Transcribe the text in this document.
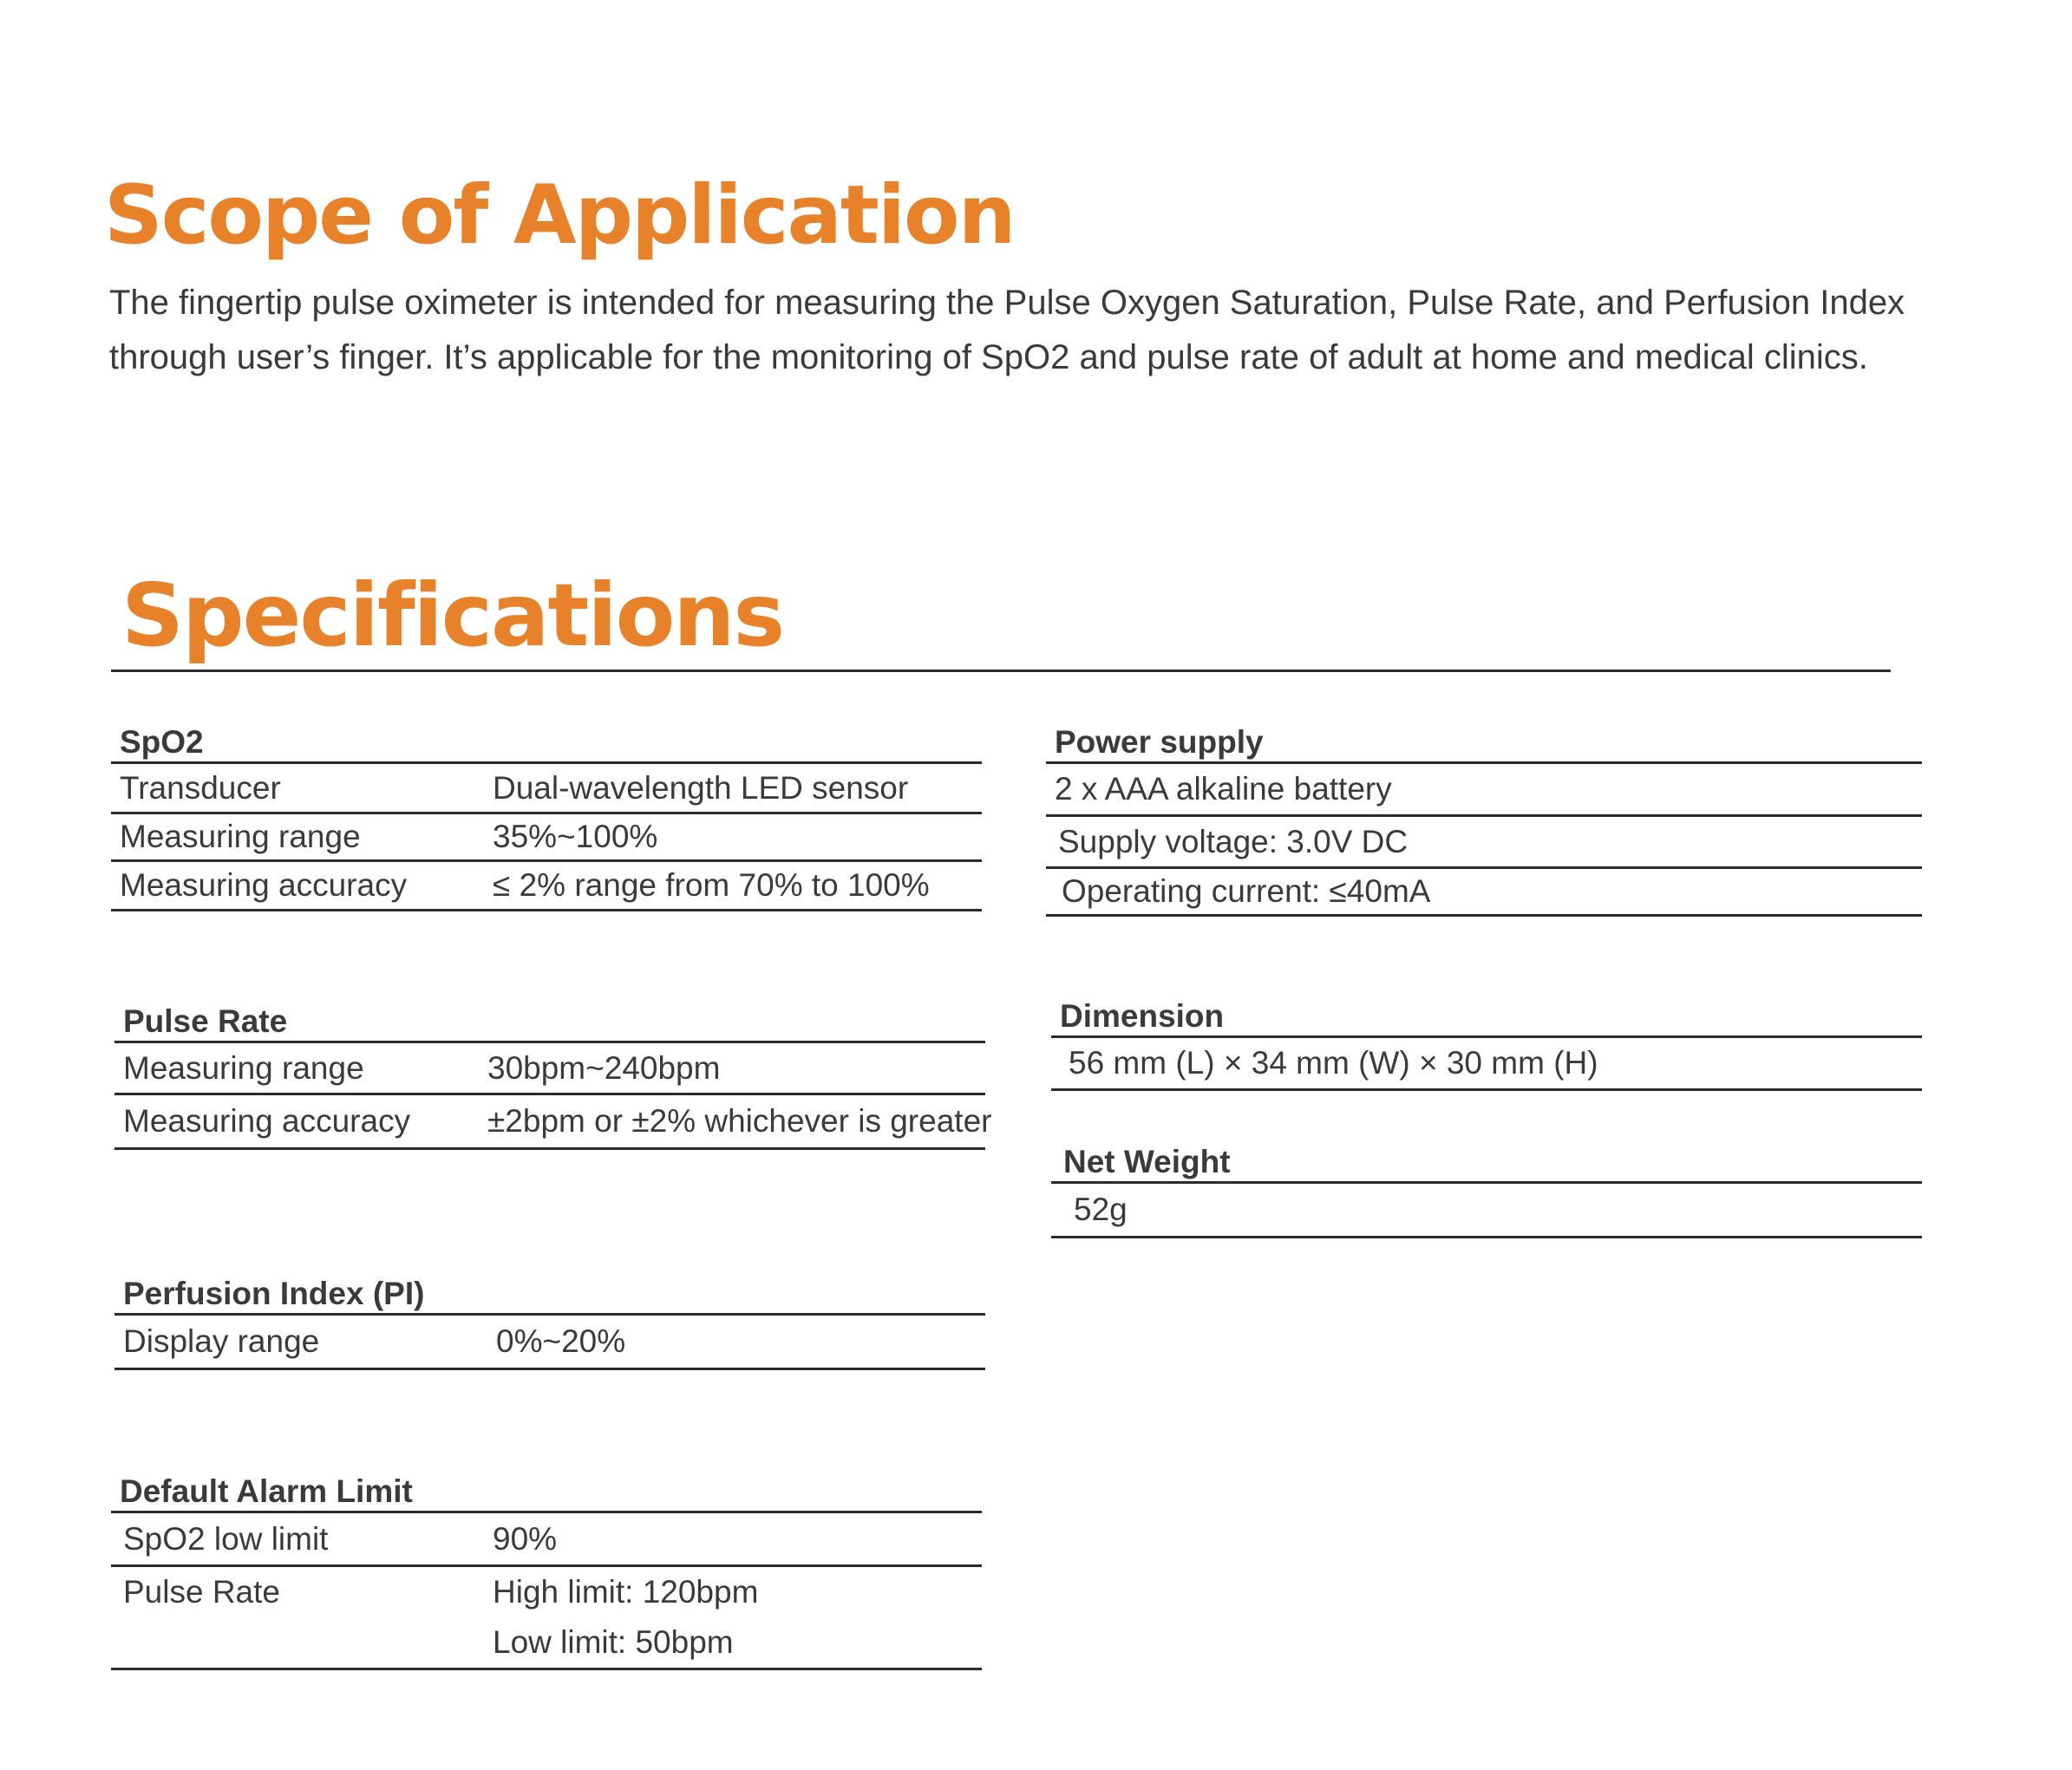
Scope of Application

The fingertip pulse oximeter is intended for measuring the Pulse Oxygen Saturation, Pulse Rate, and Perfusion Index through user’s finger. It’s applicable for the monitoring of SpO2 and pulse rate of adult at home and medical clinics.

Specifications
SpO2
Transducer	Dual-wavelength LED sensor
Measuring range	35%~100%
Measuring accuracy	≤ 2% range from 70% to 100%
Pulse Rate
Measuring range	30bpm~240bpm
Measuring accuracy	±2bpm or ±2% whichever is greater
Perfusion Index (PI)
Display range	0%~20%
Default Alarm Limit
SpO2 low limit	90%
Pulse Rate	High limit: 120bpm
Low limit: 50bpm
Power supply
2 x AAA alkaline battery
Supply voltage: 3.0V DC
Operating current: ≤40mA
Dimension
56 mm (L) × 34 mm (W) × 30 mm (H)
Net Weight
52g
